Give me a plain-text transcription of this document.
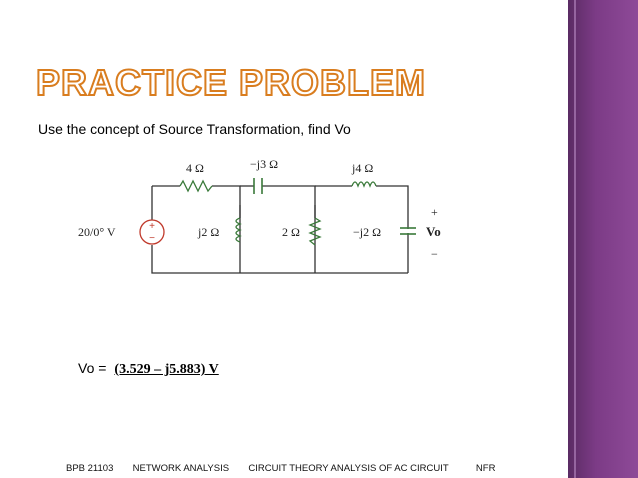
PRACTICE PROBLEM
Use the concept of Source Transformation, find Vo
+
−
20/0° V
4 Ω	−j3 Ω	j4 Ω
j2 Ω	2 Ω	−j2 Ω
+
Vo
−
Vo = (3.529 – j5.883) V
BPB 21103 NETWORK ANALYSIS CIRCUIT THEORY ANALYSIS OF AC CIRCUIT	NFR
